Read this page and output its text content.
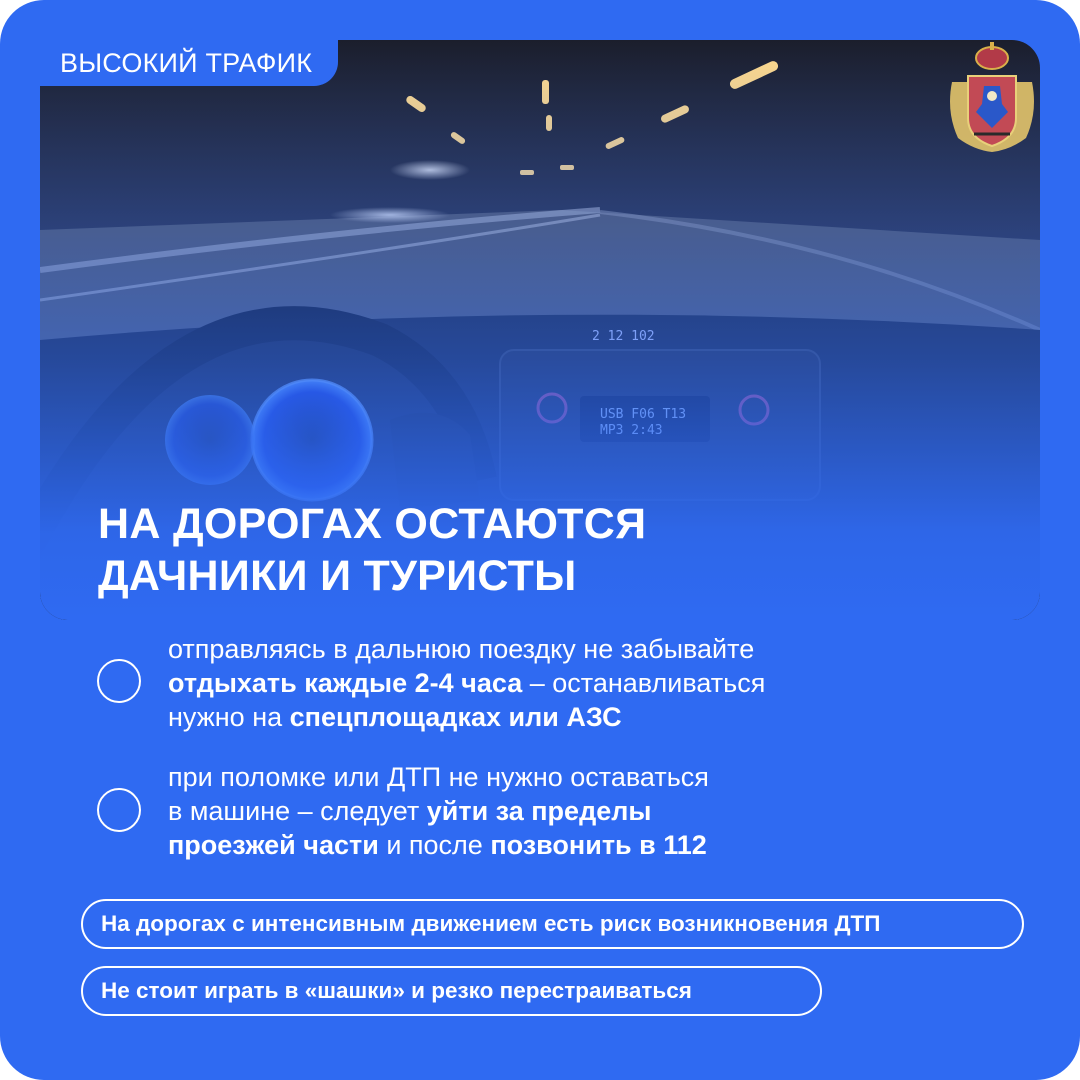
ВЫСОКИЙ ТРАФИК
НА ДОРОГАХ ОСТАЮТСЯ
ДАЧНИКИ И ТУРИСТЫ
отправляясь в дальнюю поездку не забывайте
отдыхать каждые 2-4 часа – останавливаться
нужно на спецплощадках или АЗС
при поломке или ДТП не нужно оставаться
в машине – следует уйти за пределы
проезжей части и после позвонить в 112
На дорогах с интенсивным движением есть риск возникновения ДТП
Не стоит играть в «шашки» и резко перестраиваться
